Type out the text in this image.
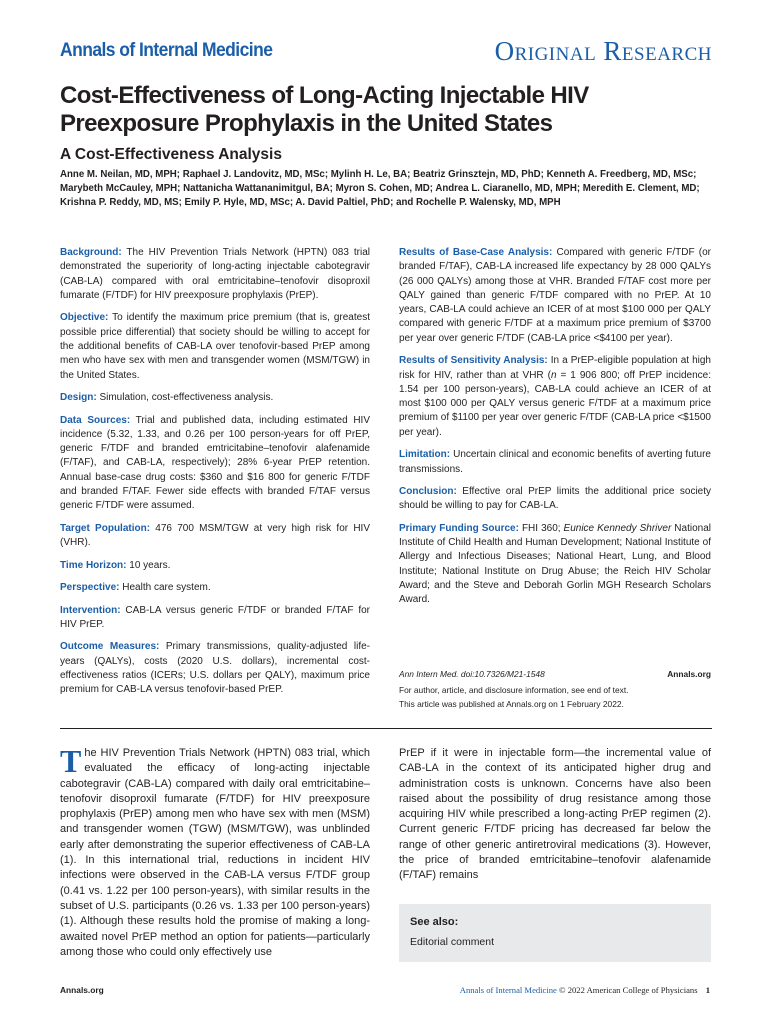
Annals of Internal Medicine	Original Research
Cost-Effectiveness of Long-Acting Injectable HIV Preexposure Prophylaxis in the United States
A Cost-Effectiveness Analysis
Anne M. Neilan, MD, MPH; Raphael J. Landovitz, MD, MSc; Mylinh H. Le, BA; Beatriz Grinsztejn, MD, PhD; Kenneth A. Freedberg, MD, MSc; Marybeth McCauley, MPH; Nattanicha Wattananimitgul, BA; Myron S. Cohen, MD; Andrea L. Ciaranello, MD, MPH; Meredith E. Clement, MD; Krishna P. Reddy, MD, MS; Emily P. Hyle, MD, MSc; A. David Paltiel, PhD; and Rochelle P. Walensky, MD, MPH

Background: The HIV Prevention Trials Network (HPTN) 083 trial demonstrated the superiority of long-acting injectable cabotegravir (CAB-LA) compared with oral emtricitabine–tenofovir disoproxil fumarate (F/TDF) for HIV preexposure prophylaxis (PrEP).

Objective: To identify the maximum price premium (that is, greatest possible price differential) that society should be willing to accept for the additional benefits of CAB-LA over tenofovir-based PrEP among men who have sex with men and transgender women (MSM/TGW) in the United States.

Design: Simulation, cost-effectiveness analysis.

Data Sources: Trial and published data, including estimated HIV incidence (5.32, 1.33, and 0.26 per 100 person-years for off PrEP, generic F/TDF and branded emtricitabine–tenofovir alafenamide (F/TAF), and CAB-LA, respectively); 28% 6-year PrEP retention. Annual base-case drug costs: $360 and $16 800 for generic F/TDF and branded F/TAF. Fewer side effects with branded F/TAF versus generic F/TDF were assumed.

Target Population: 476 700 MSM/TGW at very high risk for HIV (VHR).

Time Horizon: 10 years.

Perspective: Health care system.

Intervention: CAB-LA versus generic F/TDF or branded F/TAF for HIV PrEP.

Outcome Measures: Primary transmissions, quality-adjusted life-years (QALYs), costs (2020 U.S. dollars), incremental cost-effectiveness ratios (ICERs; U.S. dollars per QALY), maximum price premium for CAB-LA versus tenofovir-based PrEP.

Results of Base-Case Analysis: Compared with generic F/TDF (or branded F/TAF), CAB-LA increased life expectancy by 28 000 QALYs (26 000 QALYs) among those at VHR. Branded F/TAF cost more per QALY gained than generic F/TDF compared with no PrEP. At 10 years, CAB-LA could achieve an ICER of at most $100 000 per QALY compared with generic F/TDF at a maximum price premium of $3700 per year over generic F/TDF (CAB-LA price <$4100 per year).

Results of Sensitivity Analysis: In a PrEP-eligible population at high risk for HIV, rather than at VHR (n = 1 906 800; off PrEP incidence: 1.54 per 100 person-years), CAB-LA could achieve an ICER of at most $100 000 per QALY versus generic F/TDF at a maximum price premium of $1100 per year over generic F/TDF (CAB-LA price <$1500 per year).

Limitation: Uncertain clinical and economic benefits of averting future transmissions.

Conclusion: Effective oral PrEP limits the additional price society should be willing to pay for CAB-LA.

Primary Funding Source: FHI 360; Eunice Kennedy Shriver National Institute of Child Health and Human Development; National Institute of Allergy and Infectious Diseases; National Heart, Lung, and Blood Institute; National Institute on Drug Abuse; the Reich HIV Scholar Award; and the Steve and Deborah Gorlin MGH Research Scholars Award.

Ann Intern Med. doi:10.7326/M21-1548	Annals.org
For author, article, and disclosure information, see end of text.
This article was published at Annals.org on 1 February 2022.
The HIV Prevention Trials Network (HPTN) 083 trial, which evaluated the efficacy of long-acting injectable cabotegravir (CAB-LA) compared with daily oral emtricitabine–tenofovir disoproxil fumarate (F/TDF) for HIV preexposure prophylaxis (PrEP) among men who have sex with men (MSM) and transgender women (TGW) (MSM/TGW), was unblinded early after demonstrating the superior effectiveness of CAB-LA (1). In this international trial, reductions in incident HIV infections were observed in the CAB-LA versus F/TDF group (0.41 vs. 1.22 per 100 person-years), with similar results in the subset of U.S. participants (0.26 vs. 1.33 per 100 person-years) (1). Although these results hold the promise of making a long-awaited novel PrEP method an option for patients—particularly among those who could only effectively use
PrEP if it were in injectable form—the incremental value of CAB-LA in the context of its anticipated higher drug and administration costs is unknown. Concerns have also been raised about the possibility of drug resistance among those acquiring HIV while prescribed a long-acting PrEP regimen (2). Current generic F/TDF pricing has decreased far below the range of other generic antiretroviral medications (3). However, the price of branded emtricitabine–tenofovir alafenamide (F/TAF) remains
See also:
Editorial comment
Annals.org	Annals of Internal Medicine © 2022 American College of Physicians 1
